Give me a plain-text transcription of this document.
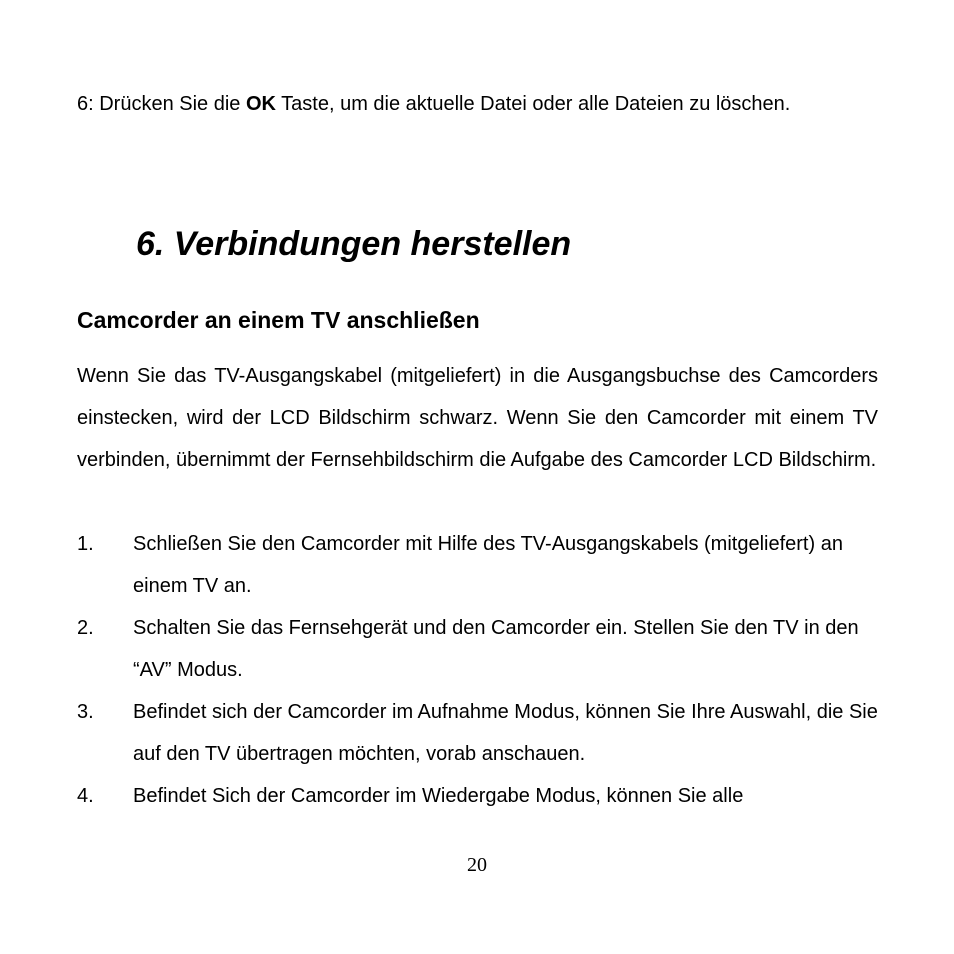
6: Drücken Sie die OK Taste, um die aktuelle Datei oder alle Dateien zu löschen.

6. Verbindungen herstellen
Camcorder an einem TV anschließen

Wenn Sie das TV-Ausgangskabel (mitgeliefert) in die Ausgangsbuchse des Camcorders einstecken, wird der LCD Bildschirm schwarz. Wenn Sie den Camcorder mit einem TV verbinden, übernimmt der Fernsehbildschirm die Aufgabe des Camcorder LCD Bildschirm.

1.	Schließen Sie den Camcorder mit Hilfe des TV-Ausgangskabels (mitgeliefert) an einem TV an.
2.	Schalten Sie das Fernsehgerät und den Camcorder ein. Stellen Sie den TV in den “AV” Modus.
3.	Befindet sich der Camcorder im Aufnahme Modus, können Sie Ihre Auswahl, die Sie auf den TV übertragen möchten, vorab anschauen.
4.	Befindet Sich der Camcorder im Wiedergabe Modus, können Sie alle

20
